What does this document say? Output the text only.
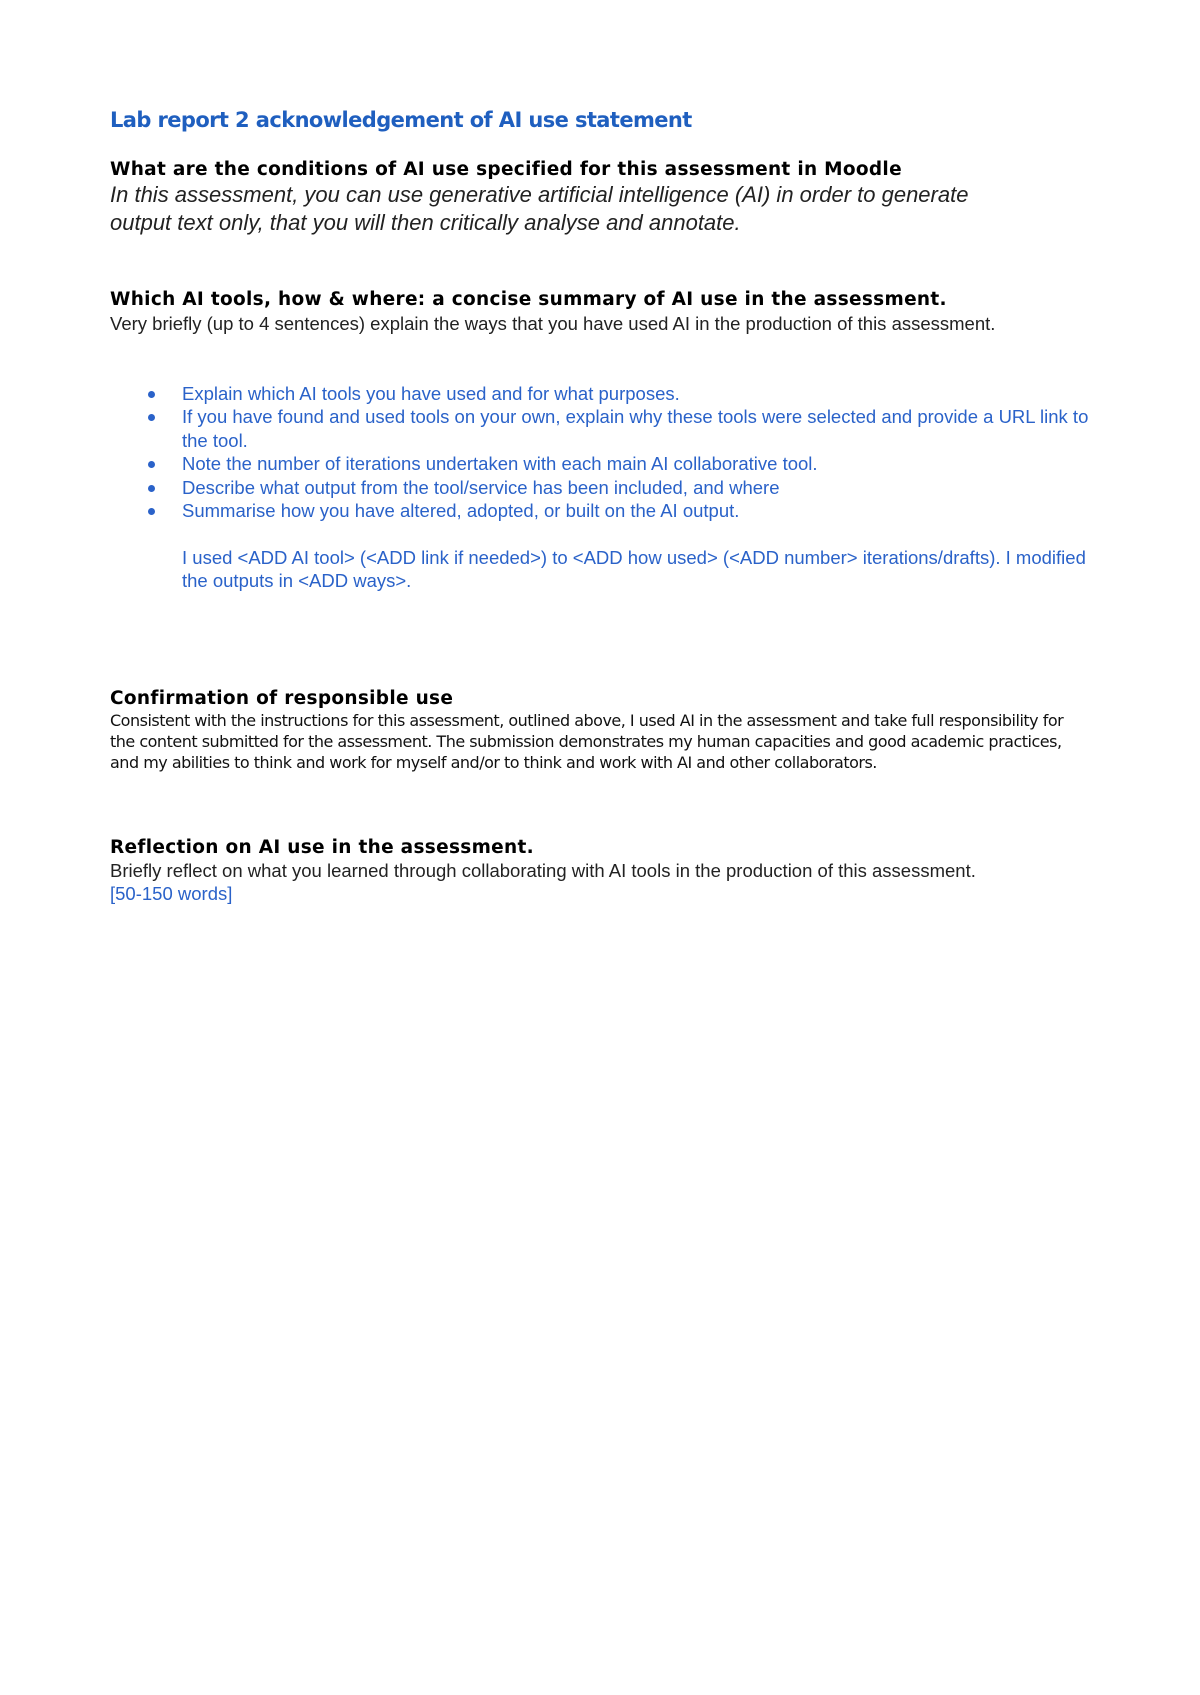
Lab report 2 acknowledgement of AI use statement
What are the conditions of AI use specified for this assessment in Moodle

In this assessment, you can use generative artificial intelligence (AI) in order to generate output text only, that you will then critically analyse and annotate.

Which AI tools, how & where: a concise summary of AI use in the assessment.

Very briefly (up to 4 sentences) explain the ways that you have used AI in the production of this assessment.

Explain which AI tools you have used and for what purposes.
If you have found and used tools on your own, explain why these tools were selected and provide a URL link to the tool.
Note the number of iterations undertaken with each main AI collaborative tool.
Describe what output from the tool/service has been included, and where
Summarise how you have altered, adopted, or built on the AI output.

I used <ADD AI tool> (<ADD link if needed>) to <ADD how used> (<ADD number> iterations/drafts). I modified the outputs in <ADD ways>.

Confirmation of responsible use

Consistent with the instructions for this assessment, outlined above, I used AI in the assessment and take full responsibility for the content submitted for the assessment. The submission demonstrates my human capacities and good academic practices, and my abilities to think and work for myself and/or to think and work with AI and other collaborators.

Reflection on AI use in the assessment.

Briefly reflect on what you learned through collaborating with AI tools in the production of this assessment.

[50-150 words]
